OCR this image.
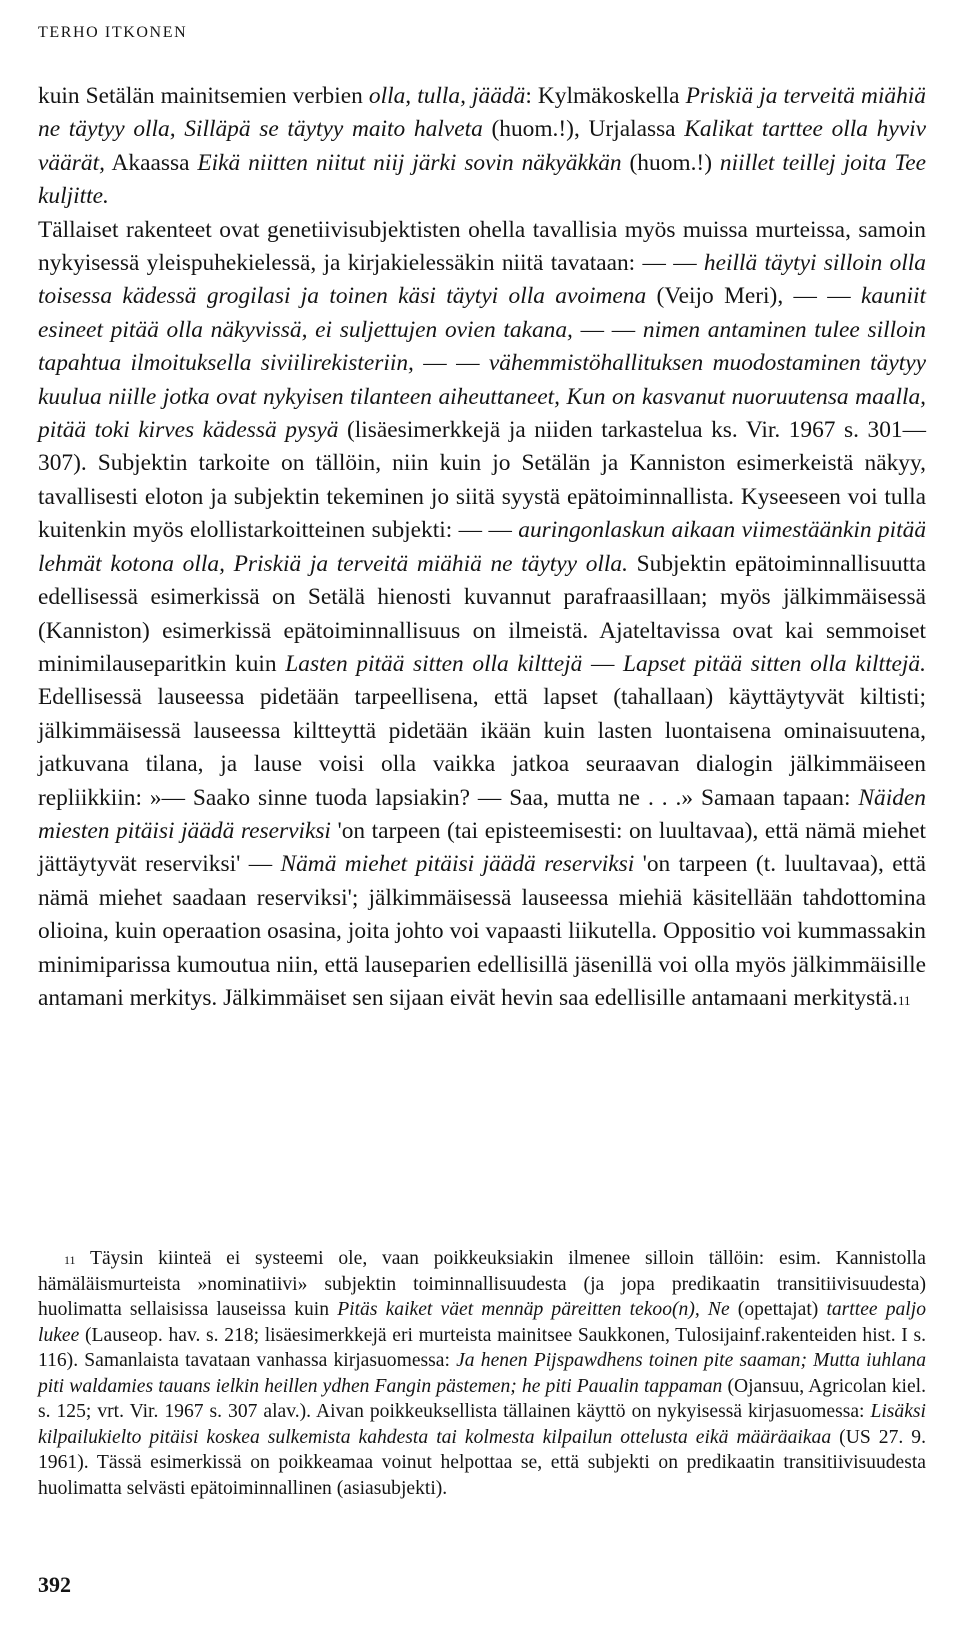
TERHO ITKONEN

kuin Setälän mainitsemien verbien olla, tulla, jäädä: Kylmäkoskella Priskiä ja terveitä miähiä ne täytyy olla, Silläpä se täytyy maito halveta (huom.!), Urjalassa Kalikat tarttee olla hyviv väärät, Akaassa Eikä niitten niitut niij järki sovin näkyäkkän (huom.!) niillet teillej joita Tee kuljitte.

Tällaiset rakenteet ovat genetiivisubjektisten ohella tavallisia myös muissa murteissa, samoin nykyisessä yleispuhekielessä, ja kirjakielessäkin niitä tavataan: — — heillä täytyi silloin olla toisessa kädessä grogilasi ja toinen käsi täytyi olla avoimena (Veijo Meri), — — kauniit esineet pitää olla näkyvissä, ei suljettujen ovien takana, — — nimen antaminen tulee silloin tapahtua ilmoituksella siviilirekisteriin, — — vähemmistöhallituksen muodostaminen täytyy kuulua niille jotka ovat nykyisen tilanteen aiheuttaneet, Kun on kasvanut nuoruutensa maalla, pitää toki kirves kädessä pysyä (lisäesimerkkejä ja niiden tarkastelua ks. Vir. 1967 s. 301—307). Subjektin tarkoite on tällöin, niin kuin jo Setälän ja Kanniston esimerkeistä näkyy, tavallisesti eloton ja subjektin tekeminen jo siitä syystä epätoiminnallista. Kyseeseen voi tulla kuitenkin myös elollistarkoitteinen subjekti: — — auringonlaskun aikaan viimestäänkin pitää lehmät kotona olla, Priskiä ja terveitä miähiä ne täytyy olla. Subjektin epätoiminnallisuutta edellisessä esimerkissä on Setälä hienosti kuvannut parafraasillaan; myös jälkimmäisessä (Kanniston) esimerkissä epätoiminnallisuus on ilmeistä. Ajateltavissa ovat kai semmoiset minimilauseparitkin kuin Lasten pitää sitten olla kilttejä — Lapset pitää sitten olla kilttejä. Edellisessä lauseessa pidetään tarpeellisena, että lapset (tahallaan) käyttäytyvät kiltisti; jälkimmäisessä lauseessa kiltteyttä pidetään ikään kuin lasten luontaisena ominaisuutena, jatkuvana tilana, ja lause voisi olla vaikka jatkoa seuraavan dialogin jälkimmäiseen repliikkiin: »— Saako sinne tuoda lapsiakin? — Saa, mutta ne . . .» Samaan tapaan: Näiden miesten pitäisi jäädä reserviksi 'on tarpeen (tai episteemisesti: on luultavaa), että nämä miehet jättäytyvät reserviksi' — Nämä miehet pitäisi jäädä reserviksi 'on tarpeen (t. luultavaa), että nämä miehet saadaan reserviksi'; jälkimmäisessä lauseessa miehiä käsitellään tahdottomina olioina, kuin operaation osasina, joita johto voi vapaasti liikutella. Oppositio voi kummassakin minimiparissa kumoutua niin, että lauseparien edellisillä jäsenillä voi olla myös jälkimmäisille antamani merkitys. Jälkimmäiset sen sijaan eivät hevin saa edellisille antamaani merkitystä.$^{11}$

$^{11}$ Täysin kiinteä ei systeemi ole, vaan poikkeuksiakin ilmenee silloin tällöin: esim. Kannistolla hämäläismurteista »nominatiivi» subjektin toiminnallisuudesta (ja jopa predikaatin transitiivisuudesta) huolimatta sellaisissa lauseissa kuin Pitäs kaiket väet mennäp päreitten tekoo(n), Ne (opettajat) tarttee paljo lukee (Lauseop. hav. s. 218; lisäesimerkkejä eri murteista mainitsee Saukkonen, Tulosijainf.rakenteiden hist. I s. 116). Samanlaista tavataan vanhassa kirjasuomessa: Ja henen Pijspawdhens toinen pite saaman; Mutta iuhlana piti waldamies tauans ielkin heillen ydhen Fangin pästemen; he piti Paualin tappaman (Ojansuu, Agricolan kiel. s. 125; vrt. Vir. 1967 s. 307 alav.). Aivan poikkeuksellista tällainen käyttö on nykyisessä kirjasuomessa: Lisäksi kilpailukielto pitäisi koskea sulkemista kahdesta tai kolmesta kilpailun ottelusta eikä määräaikaa (US 27. 9. 1961). Tässä esimerkissä on poikkeamaa voinut helpottaa se, että subjekti on predikaatin transitiivisuudesta huolimatta selvästi epätoiminnallinen (asiasubjekti).

392
